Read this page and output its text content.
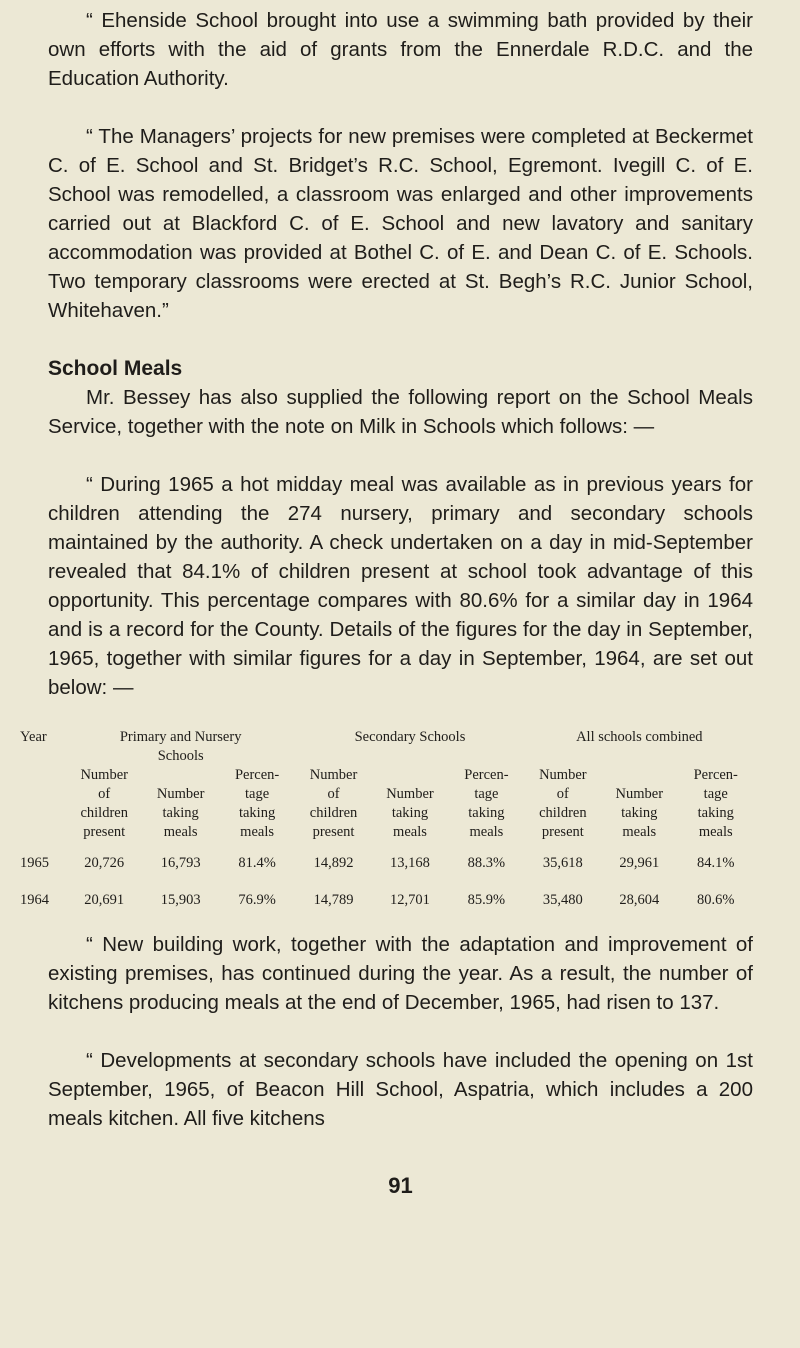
“ Ehenside School brought into use a swimming bath provided by their own efforts with the aid of grants from the Ennerdale R.D.C. and the Education Authority.

“ The Managers’ projects for new premises were completed at Beckermet C. of E. School and St. Bridget’s R.C. School, Egremont. Ivegill C. of E. School was remodelled, a classroom was enlarged and other improvements carried out at Blackford C. of E. School and new lavatory and sanitary accommodation was provided at Bothel C. of E. and Dean C. of E. Schools. Two temporary classrooms were erected at St. Begh’s R.C. Junior School, Whitehaven.”

School Meals

Mr. Bessey has also supplied the following report on the School Meals Service, together with the note on Milk in Schools which follows: —

“ During 1965 a hot midday meal was available as in previous years for children attending the 274 nursery, primary and secondary schools maintained by the authority. A check undertaken on a day in mid-September revealed that 84.1% of children present at school took advantage of this opportunity. This percentage compares with 80.6% for a similar day in 1964 and is a record for the County. Details of the figures for the day in September, 1965, together with similar figures for a day in September, 1964, are set out below: —

Year	Primary and Nursery			Secondary Schools			All schools combined		
	Schools								
	Number		Percen-	Number		Percen-	Number		Percen-
	of	Number	tage	of	Number	tage	of	Number	tage
	children	taking	taking	children	taking	taking	children	taking	taking
	present	meals	meals	present	meals	meals	present	meals	meals
1965	20,726	16,793	81.4%	14,892	13,168	88.3%	35,618	29,961	84.1%
1964	20,691	15,903	76.9%	14,789	12,701	85.9%	35,480	28,604	80.6%

“ New building work, together with the adaptation and improvement of existing premises, has continued during the year. As a result, the number of kitchens producing meals at the end of December, 1965, had risen to 137.

“ Developments at secondary schools have included the opening on 1st September, 1965, of Beacon Hill School, Aspatria, which includes a 200 meals kitchen. All five kitchens

91
